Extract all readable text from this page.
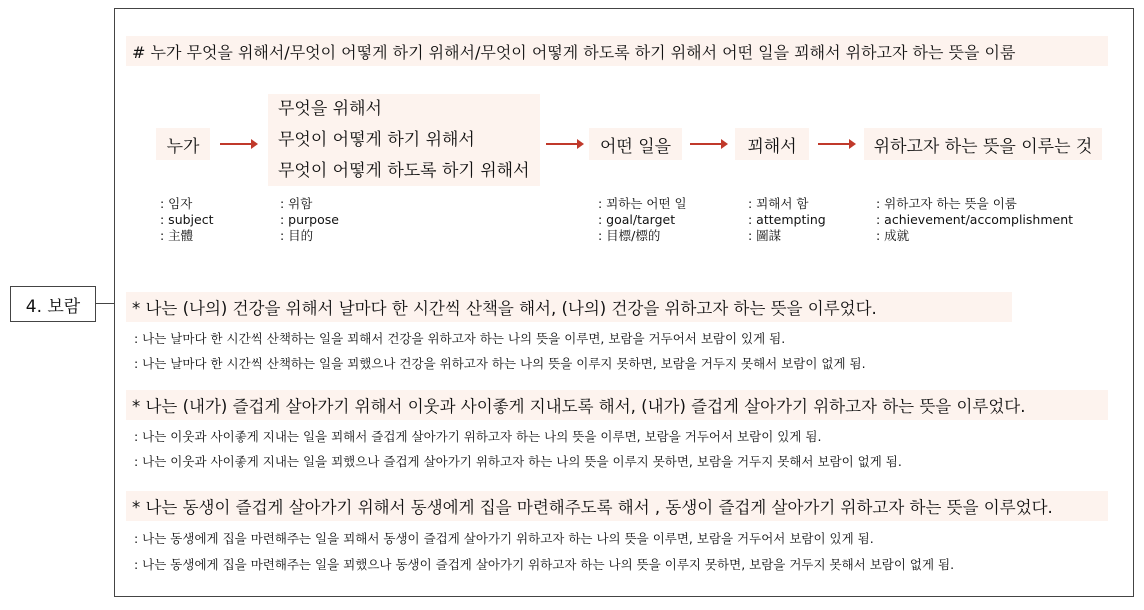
4. 보람
# 누가 무엇을 위해서/무엇이 어떻게 하기 위해서/무엇이 어떻게 하도록 하기 위해서 어떤 일을 꾀해서 위하고자 하는 뜻을 이룸
누가
무엇을 위해서
무엇이 어떻게 하기 위해서
무엇이 어떻게 하도록 하기 위해서
어떤 일을	꾀해서	위하고자 하는 뜻을 이루는 것
: 임자
: subject
: 主體
: 위함
: purpose
: 目的
: 꾀하는 어떤 일
: goal/target
: 目標/標的
: 꾀해서 함
: attempting
: 圖謀
: 위하고자 하는 뜻을 이룸
: achievement/accomplishment
: 成就
* 나는 (나의) 건강을 위해서 날마다 한 시간씩 산책을 해서, (나의) 건강을 위하고자 하는 뜻을 이루었다.
: 나는 날마다 한 시간씩 산책하는 일을 꾀해서 건강을 위하고자 하는 나의 뜻을 이루면, 보람을 거두어서 보람이 있게 됨.
: 나는 날마다 한 시간씩 산책하는 일을 꾀했으나 건강을 위하고자 하는 나의 뜻을 이루지 못하면, 보람을 거두지 못해서 보람이 없게 됨.
* 나는 (내가) 즐겁게 살아가기 위해서 이웃과 사이좋게 지내도록 해서, (내가) 즐겁게 살아가기 위하고자 하는 뜻을 이루었다.
: 나는 이웃과 사이좋게 지내는 일을 꾀해서 즐겁게 살아가기 위하고자 하는 나의 뜻을 이루면, 보람을 거두어서 보람이 있게 됨.
: 나는 이웃과 사이좋게 지내는 일을 꾀했으나 즐겁게 살아가기 위하고자 하는 나의 뜻을 이루지 못하면, 보람을 거두지 못해서 보람이 없게 됨.
* 나는 동생이 즐겁게 살아가기 위해서 동생에게 집을 마련해주도록 해서 , 동생이 즐겁게 살아가기 위하고자 하는 뜻을 이루었다.
: 나는 동생에게 집을 마련해주는 일을 꾀해서 동생이 즐겁게 살아가기 위하고자 하는 나의 뜻을 이루면, 보람을 거두어서 보람이 있게 됨.
: 나는 동생에게 집을 마련해주는 일을 꾀했으나 동생이 즐겁게 살아가기 위하고자 하는 나의 뜻을 이루지 못하면, 보람을 거두지 못해서 보람이 없게 됨.
